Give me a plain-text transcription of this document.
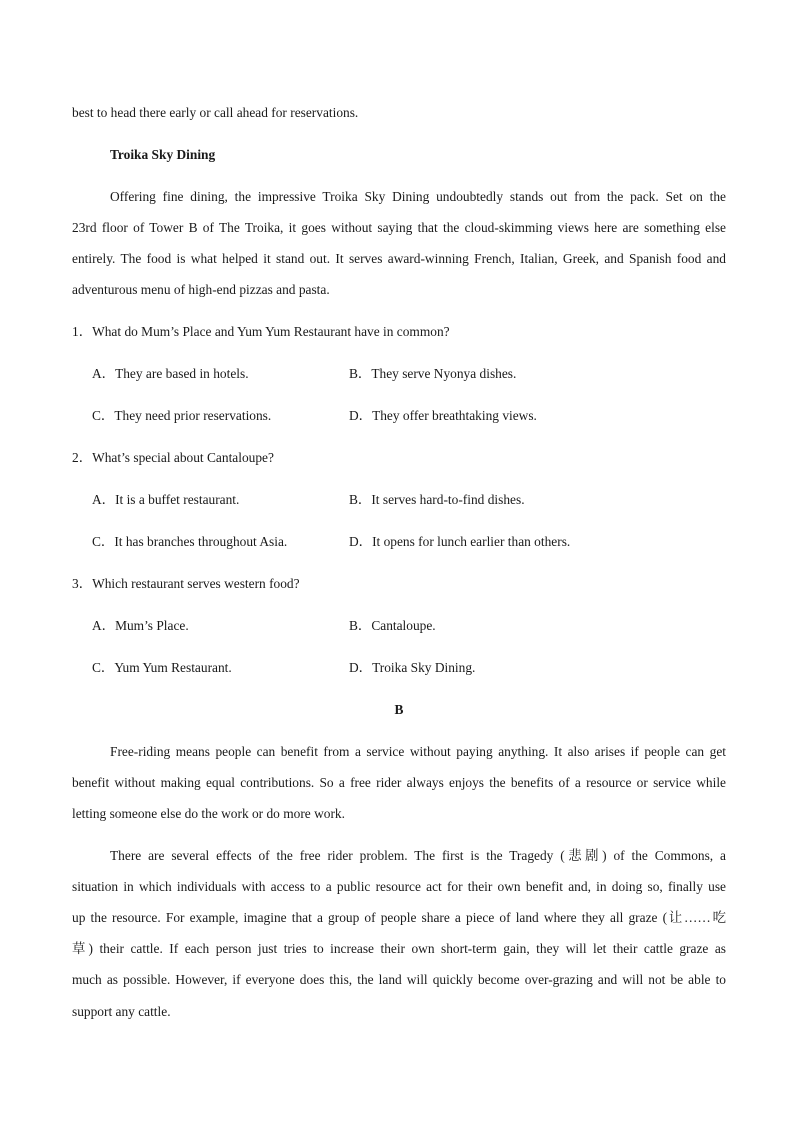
best to head there early or call ahead for reservations.
Troika Sky Dining
Offering fine dining, the impressive Troika Sky Dining undoubtedly stands out from the pack. Set on the
23rd floor of Tower B of The Troika, it goes without saying that the cloud-skimming views here are something else
entirely. The food is what helped it stand out. It serves award-winning French, Italian, Greek, and Spanish food and
adventurous menu of high-end pizzas and pasta.
1．What do Mum’s Place and Yum Yum Restaurant have in common?
A．They are based in hotels.	B．They serve Nyonya dishes.
C．They need prior reservations.	D．They offer breathtaking views.
2．What’s special about Cantaloupe?
A．It is a buffet restaurant.	B．It serves hard-to-find dishes.
C．It has branches throughout Asia.	D．It opens for lunch earlier than others.
3．Which restaurant serves western food?
A．Mum’s Place.	B．Cantaloupe.
C．Yum Yum Restaurant.	D．Troika Sky Dining.
B
Free-riding means people can benefit from a service without paying anything. It also arises if people can get
benefit without making equal contributions. So a free rider always enjoys the benefits of a resource or service while
letting someone else do the work or do more work.
There are several effects of the free rider problem. The first is the Tragedy (悲剧) of the Commons, a
situation in which individuals with access to a public resource act for their own benefit and, in doing so, finally use
up the resource. For example, imagine that a group of people share a piece of land where they all graze (让……吃
草) their cattle. If each person just tries to increase their own short-term gain, they will let their cattle graze as
much as possible. However, if everyone does this, the land will quickly become over-grazing and will not be able to
support any cattle.
